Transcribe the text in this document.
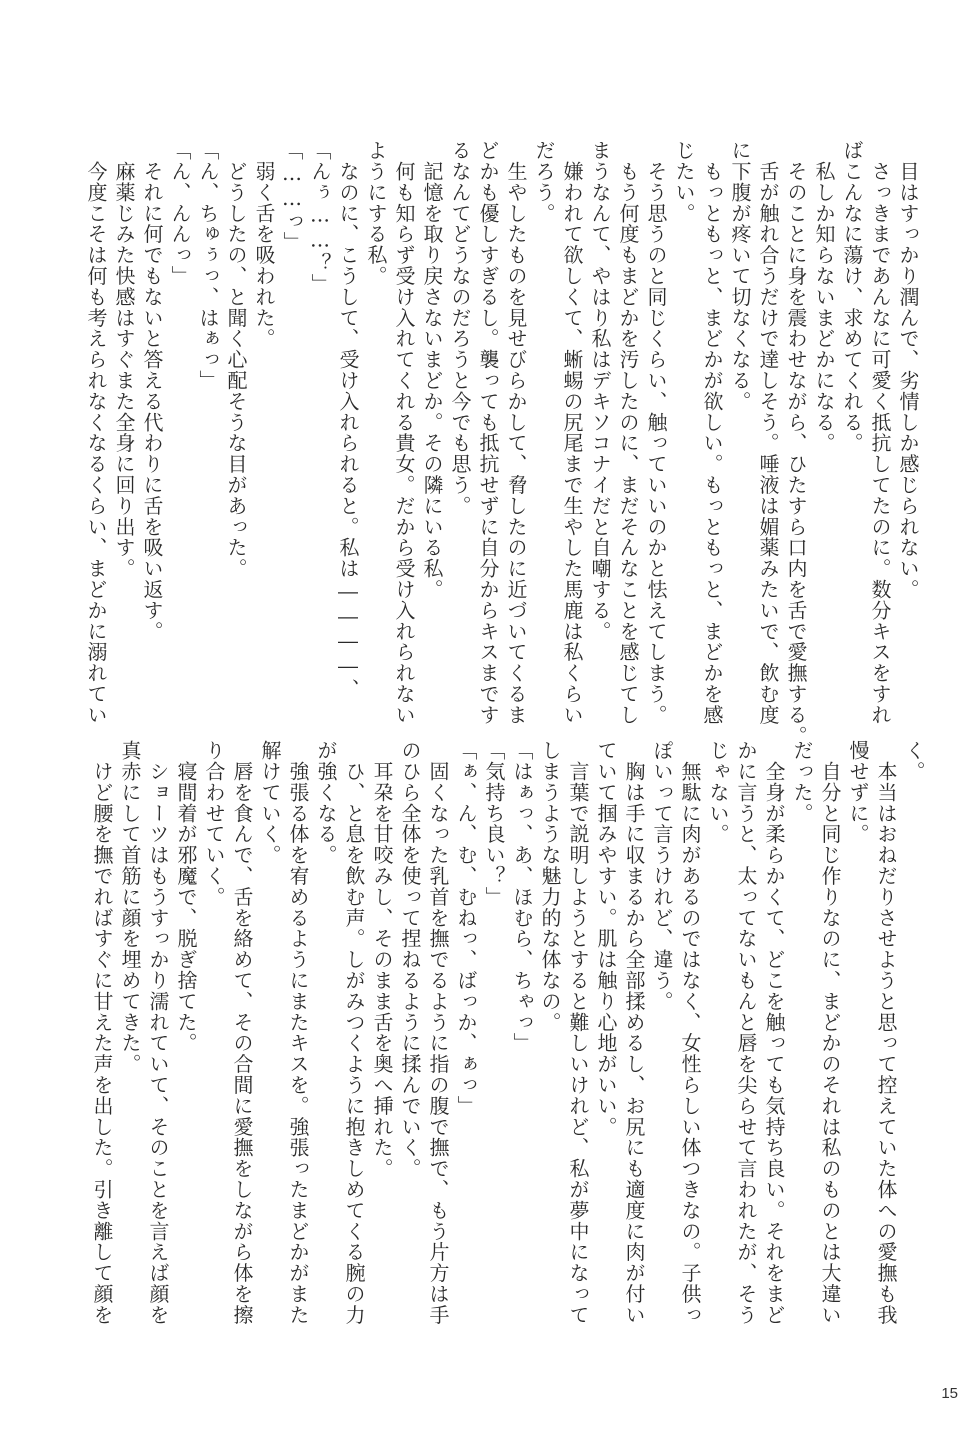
　目はすっかり潤んで、劣情しか感じられない。
　さっきまであんなに可愛く抵抗してたのに。数分キスをすれ
ばこんなに蕩け、求めてくれる。
　私しか知らないまどかになる。
　そのことに身を震わせながら、ひたすら口内を舌で愛撫する。
　舌が触れ合うだけで達しそう。唾液は媚薬みたいで、飲む度
に下腹が疼いて切なくなる。
　もっともっと、まどかが欲しい。もっともっと、まどかを感
じたい。
　そう思うのと同じくらい、触っていいのかと怯えてしまう。
　もう何度もまどかを汚したのに、まだそんなことを感じてし
まうなんて、やはり私はデキソコナイだと自嘲する。
　嫌われて欲しくて、蜥蜴の尻尾まで生やした馬鹿は私くらい
だろう。
　生やしたものを見せびらかして、脅したのに近づいてくるま
どかも優しすぎるし。襲っても抵抗せずに自分からキスまです
るなんてどうなのだろうと今でも思う。
　記憶を取り戻さないまどか。その隣にいる私。
　何も知らず受け入れてくれる貴女。だから受け入れられない
ようにする私。
　なのに、こうして、受け入れられると。私は――――、
「んぅ……？」
「……っ」
　弱く舌を吸われた。
　どうしたの、と聞く心配そうな目があった。
「ん、ちゅぅっ、はぁっ」
「ん、んんっ」
　それに何でもないと答える代わりに舌を吸い返す。
　麻薬じみた快感はすぐまた全身に回り出す。
　今度こそは何も考えられなくなるくらい、まどかに溺れてい
く。
　本当はおねだりさせようと思って控えていた体への愛撫も我
慢せずに。
　自分と同じ作りなのに、まどかのそれは私のものとは大違い
だった。
　全身が柔らかくて、どこを触っても気持ち良い。それをまど
かに言うと、太ってないもんと唇を尖らせて言われたが、そう
じゃない。
　無駄に肉があるのではなく、女性らしい体つきなの。子供っ
ぽいって言うけれど、違う。
　胸は手に収まるから全部揉めるし、お尻にも適度に肉が付い
ていて掴みやすい。肌は触り心地がいい。
　言葉で説明しようとすると難しいけれど、私が夢中になって
しまうような魅力的な体なの。
「はぁっ、あ、ほむら、ちゃっ」
「気持ち良い？」
「ぁ、ん、む、むねっ、ばっか、ぁっ」
　固くなった乳首を撫でるように指の腹で撫で、もう片方は手
のひら全体を使って捏ねるように揉んでいく。
　耳朶を甘咬みし、そのまま舌を奥へ挿れた。
　ひ、と息を飲む声。しがみつくように抱きしめてくる腕の力
が強くなる。
　強張る体を宥めるようにまたキスを。強張ったまどかがまた
解けていく。
　唇を食んで、舌を絡めて、その合間に愛撫をしながら体を擦
り合わせていく。
　寝間着が邪魔で、脱ぎ捨てた。
　ショーツはもうすっかり濡れていて、そのことを言えば顔を
真赤にして首筋に顔を埋めてきた。
　けど腰を撫でればすぐに甘えた声を出した。引き離して顔を
15
